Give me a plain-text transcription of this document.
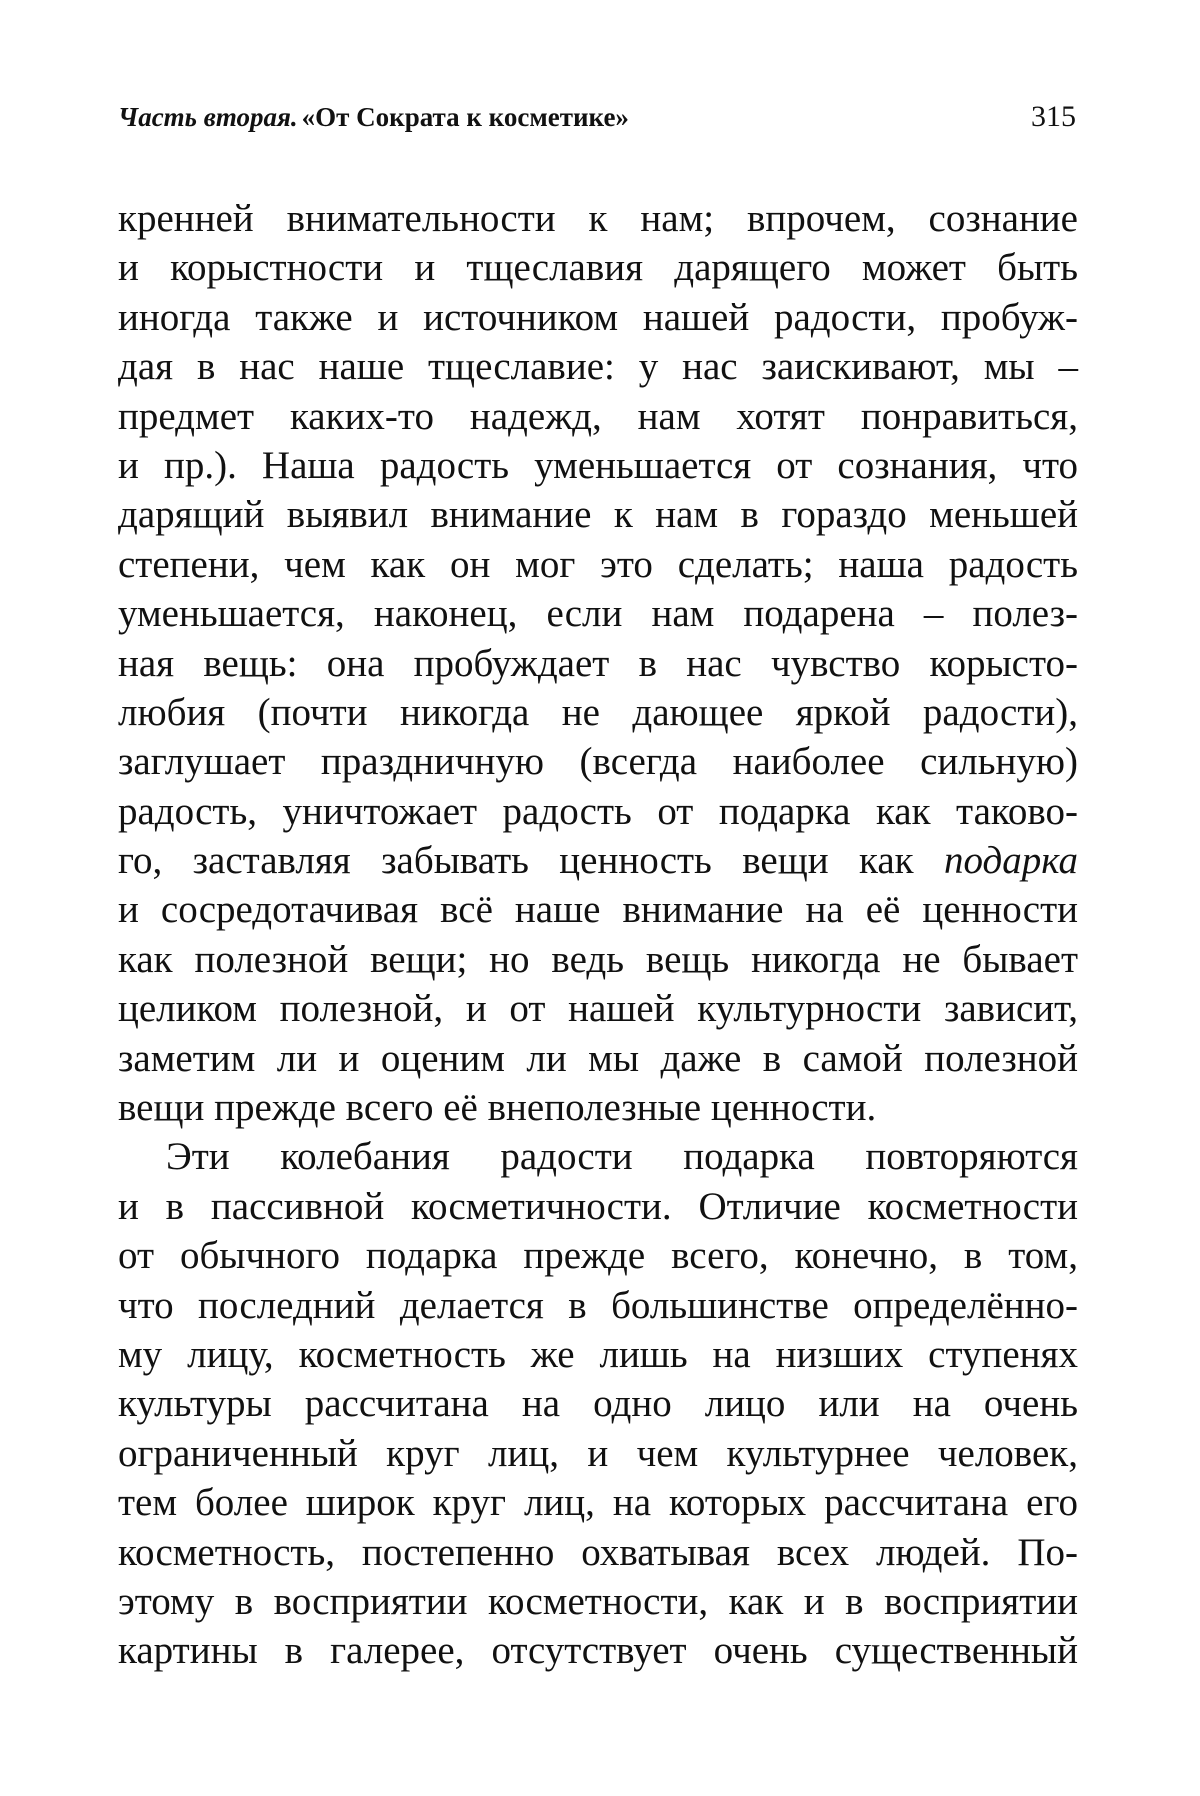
Часть вторая. «От Сократа к косметике»	315
кренней внимательности к нам; впрочем, сознание
и корыстности и тщеславия дарящего может быть
иногда также и источником нашей радости, пробуж-
дая в нас наше тщеславие: у нас заискивают, мы –
предмет каких-то надежд, нам хотят понравиться,
и пр.). Наша радость уменьшается от сознания, что
дарящий выявил внимание к нам в гораздо меньшей
степени, чем как он мог это сделать; наша радость
уменьшается, наконец, если нам подарена – полез-
ная вещь: она пробуждает в нас чувство корысто-
любия (почти никогда не дающее яркой радости),
заглушает праздничную (всегда наиболее сильную)
радость, уничтожает радость от подарка как таково-
го, заставляя забывать ценность вещи как подарка
и сосредотачивая всё наше внимание на её ценности
как полезной вещи; но ведь вещь никогда не бывает
целиком полезной, и от нашей культурности зависит,
заметим ли и оценим ли мы даже в самой полезной
вещи прежде всего её внеполезные ценности.
Эти колебания радости подарка повторяются
и в пассивной косметичности. Отличие косметности
от обычного подарка прежде всего, конечно, в том,
что последний делается в большинстве определённо-
му лицу, косметность же лишь на низших ступенях
культуры рассчитана на одно лицо или на очень
ограниченный круг лиц, и чем культурнее человек,
тем более широк круг лиц, на которых рассчитана его
косметность, постепенно охватывая всех людей. По-
этому в восприятии косметности, как и в восприятии
картины в галерее, отсутствует очень существенный
